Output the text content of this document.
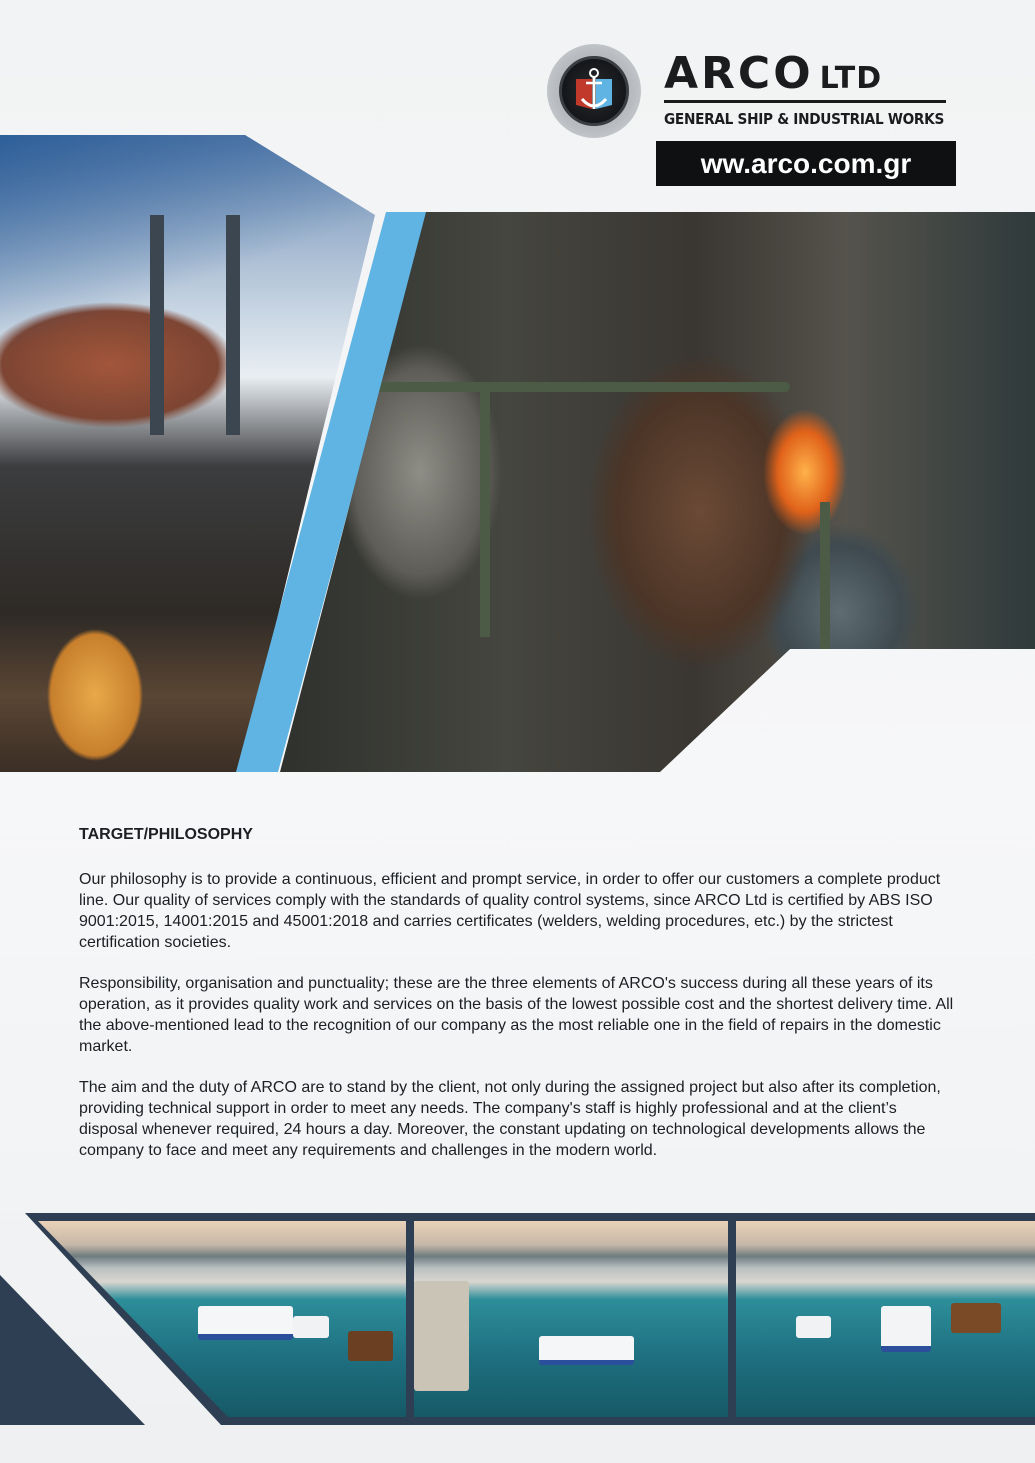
ARCO LTD
GENERAL SHIP & INDUSTRIAL WORKS
ww.arco.com.gr
TARGET/PHILOSOPHY

Our philosophy is to provide a continuous, efficient and prompt service, in order to offer our customers a complete product line. Our quality of services comply with the standards of quality control systems, since ARCO Ltd is certified by ABS ISO 9001:2015, 14001:2015 and 45001:2018 and carries certificates (welders, welding procedures, etc.) by the strictest certification societies.

Responsibility, organisation and punctuality; these are the three elements of ARCO's success during all these years of its operation, as it provides quality work and services on the basis of the lowest possible cost and the shortest delivery time. All the above-mentioned lead to the recognition of our company as the most reliable one in the field of repairs in the domestic market.

The aim and the duty of ARCO are to stand by the client, not only during the assigned project but also after its completion, providing technical support in order to meet any needs. The company's staff is highly professional and at the client’s disposal whenever required, 24 hours a day. Moreover, the constant updating on technological developments allows the company to face and meet any requirements and challenges in the modern world.
